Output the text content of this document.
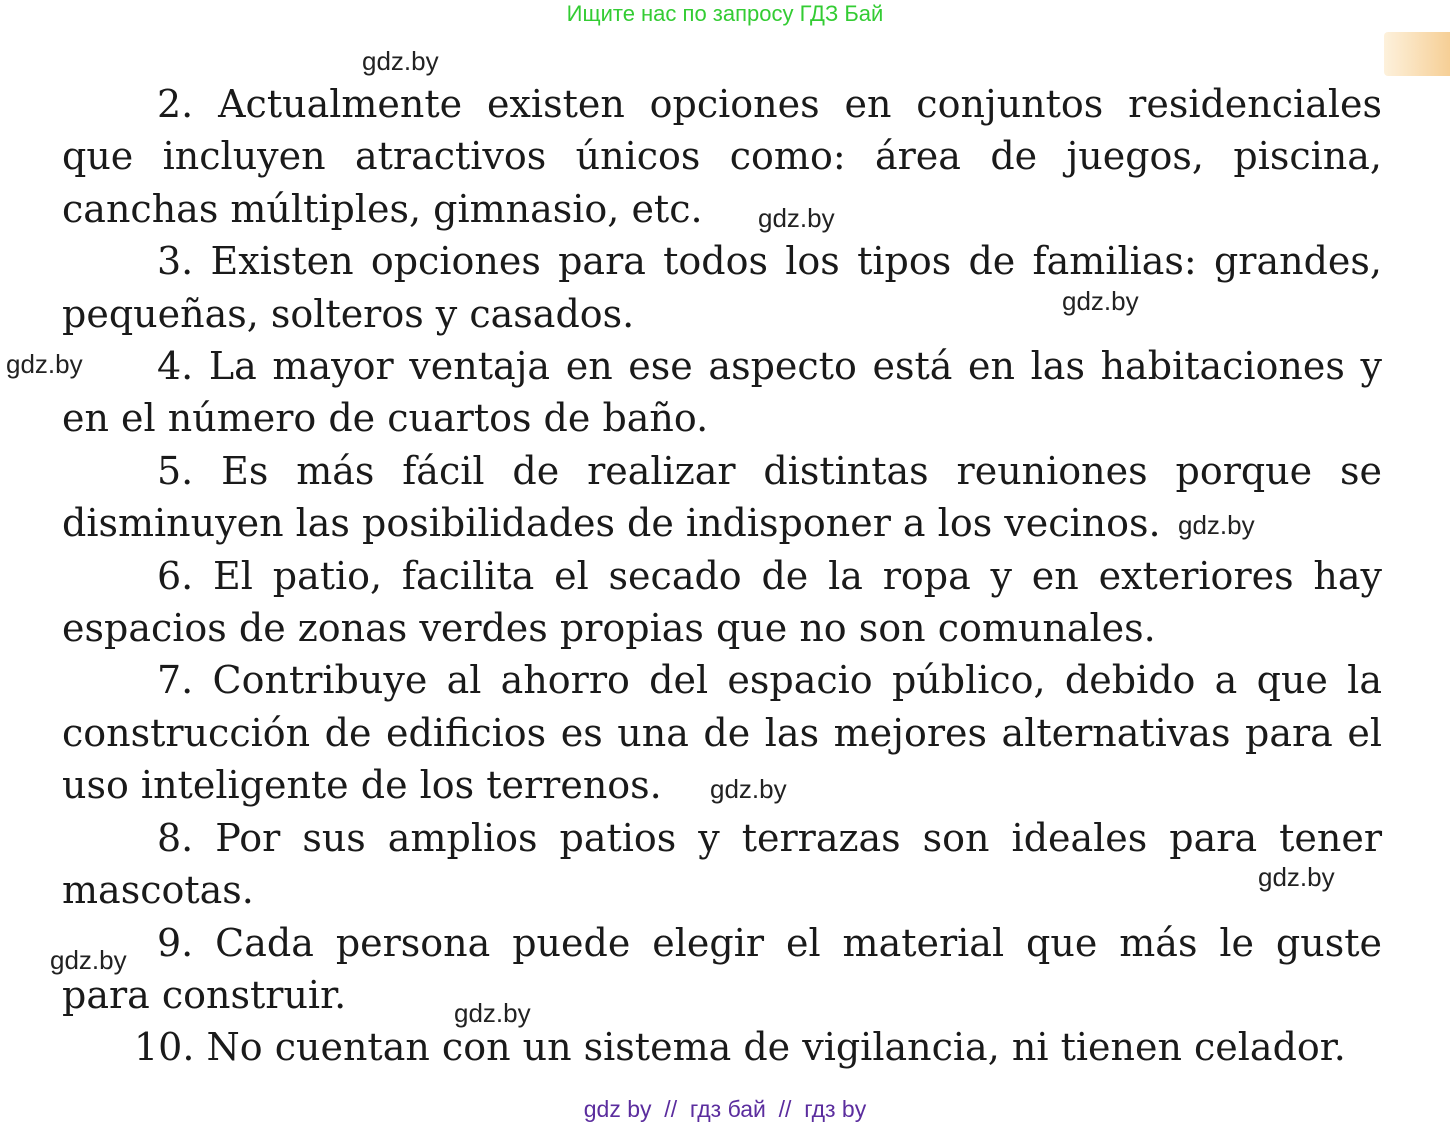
Ищите нас по запросу ГДЗ Бай

2. Actualmente existen opciones en conjuntos residenciales que incluyen atractivos únicos como: área de juegos, piscina, canchas múltiples, gimnasio, etc.

3. Existen opciones para todos los tipos de familias: grandes, pequeñas, solteros y casados.

4. La mayor ventaja en ese aspecto está en las habitaciones y en el número de cuartos de baño.

5. Es más fácil de realizar distintas reuniones porque se disminuyen las posibilidades de indisponer a los vecinos.

6. El patio, facilita el secado de la ropa y en exteriores hay espacios de zonas verdes propias que no son comunales.

7. Contribuye al ahorro del espacio público, debido a que la construcción de edificios es una de las mejores alternativas para el uso inteligente de los terrenos.

8. Por sus amplios patios y terrazas son ideales para tener mascotas.

9. Cada persona puede elegir el material que más le guste para construir.

10. No cuentan con un sistema de vigilancia, ni tienen celador.

gdz.by
gdz.by
gdz.by
gdz.by
gdz.by
gdz.by
gdz.by
gdz.by
gdz.by
gdz by  //  гдз бай  //  гдз by
